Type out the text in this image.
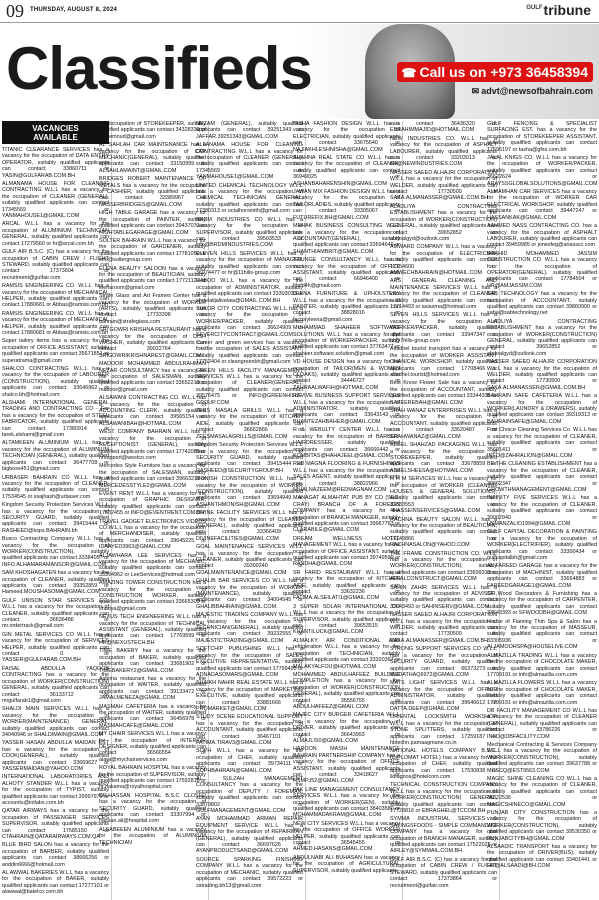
09 THURSDAY, AUGUST 8, 2024	$^{GULF}$tribune
Classifieds	☎ Call us on +973 36458394
✉ advt@newsofbahrain.com
VACANCIES
AVAILABLE

TITANIC CLEARANCE SERVICES has a vacancy for the occupation of DATA ENTRY OPERATOR, suitably qualified applicants can contact 33860711 or YASIN@GULFARAB.COM.BH

ALMANAMA HOUSE FOR CLEANING CONTRACTING W.L.L has a vacancy for the occupation of CLEANER (GENERAL), suitably qualified applicants can contact 17345569 or YANMAHOUSE1@GMAIL.COM

ARCAL W.L.L has a vacancy for the occupation of ALUMINIUM TECHNICIAN GENERAL, suitably qualified applicants can contact 17279560 or hr@arcal.com.bh

GULF AIR B.S.C. (C) has a vacancy for the occupation of CABIN CREW / FLIGHT STEWARD, suitably qualified applicants can contact 17373604 or recruitment@gulfair.com

RAMSIS ENGINEERING CO. W.L.L has a vacancy for the occupation of MECHANICAL HELPER, suitably qualified applicants can contact 17880681 or Abbas@ramsis.com.bh

RAMSIS ENGINEERING CO. W.L.L has a vacancy for the occupation of MECHANICAL HELPER, suitably qualified applicants can contact 17880681 or Abbas@ramsis.com.bh

Super tailory items has a vacancy for the occupation of OFFICE ASSISTANT, suitably qualified applicants can contact 35671851 or superatrama@gmail.com

SHALCO CONTRACTING W.L.L has a vacancy for the occupation of LABOURER (CONSTRUCTION), suitably qualified applicants can contact 33646962 or shalco.bh@hotmail.com

ALSHAMI INTERNATIONAL GENERAL TRADING AND CONTRACTING CO - For has a vacancy for the occupation of STEEL FABRICATOR, suitably qualified applicants can contact 17380914 or tarek.alshami@gmail.com

ALTAMKEEN ALUMINIUM W.L.L has a vacancy for the occupation of ALUMINIUM TECHNICIAN (GENERAL), suitably qualified applicants can contact 36477708 or bigboss451@gmail.com

URBASER BAHRAIN CO W.L.L has a vacancy for the occupation of CLEANER, suitably qualified applicants can contact 17534545 or ssajhash@urbaser.com

Kingdom Security Protection Services W.L.L has a vacancy for the occupation of SECURITY GUARD, suitably qualified applicants can contact 39415444 or RASHEED@ksps.BAHRAIN.bh

Busco Contracting Company W.L.L has a vacancy for the occupation of WORKER(CONSTRUCTION), suitably qualified applicants can contact 33384057 or INFO.ALHAMARAMANSOR@GMAIL.COM

SAM KHOSHAGATEN has a vacancy for the occupation of CLEANER, suitably qualified applicants can contact 39352859 or Hameed.MOUSHASOMA@GMAIL.COM

GULF UNISON STAR SERVICES CO. W.L.L has a vacancy for the occupation of CLEANER, suitably qualified applicants can contact 36636486 or mr.ordertrack@gmail.com

GIN METAL SERVICES CO W.L.L has a vacancy for the occupation of SERVICES HELPER, suitably qualified applicants can contact 0 or YASSER@GULFARAB.COM.BH

FAISAL ABDULLA YAQOOB CONTRACTING has a vacancy for the occupation of WORKER(CONSTRUCTION) GENERAL, suitably qualified applicants can contact 36133712 or mrgulfarab1@gmail.com

SHALDI MAIN SERVICES W.L.L has a vacancy for the occupation of WORKER(MAINTENANCE) GENERAL, suitably qualified applicants can contact 34040946 or SHALDIMAIN@GMAIL.COM

YASSER HASAN ABDULLA MAIDAN EST has a vacancy for the occupation of COOK(GENERAL), suitably qualified applicants can contact 33669627 or YASSERMAIDAN@YAHOO.COM

INTERNATIONAL LABORATORIES AND ALHOTY STANDER W.L.L has a vacancy for the occupation of TYPIST, suitably qualified applicants can contact 39997979 or accounts@intlabs.com.bh

QATAR AIRWAYS has a vacancy for the occupation of PASSENGER SERVICES SUPERVISOR, suitably qualified applicants can contact 17585150 or CTAHRAIN@QATARAIRWAYS.COM.QA

BLUE BIRD SALON has a vacancy for the occupation of BARBER, suitably qualified applicants can contact 38666256 or aoddin6666@hotmail.com

AL AWWAL BAKERIES W.L.L has a vacancy for the occupation of BAKER, suitably qualified applicants can contact 17277101 or alawwal@batelco.com.bh

the occupation of STOREKEEPER, suitably qualified applicants can contact 34328330 or faithemoud@gmail.com

AL SAHLAH CAR MAINTENANCE has a vacancy for the occupation of CAR MECHANIC(GENERAL), suitably qualified applicants can contact 33150999 or ALSAHLAMAINT@GMAIL.COM

BRIDGES ROBERT MAINTENANCE OF METALS has a vacancy for the occupation of CASHIER, suitably qualified applicants can contact 33389967 or NASSERBRIDGES@GMAIL.COM

HIGH TABLE GARAGE has a vacancy for the occupation of PAINTER, suitably qualified applicants can contact 39437071 or HIGHTABLEGARAGE@GMAIL.COM

SOLTER BAHRAIN W.L.L has a vacancy for the occupation of GARDENER, suitably qualified applicants can contact 17781050 or info@soltergroup.com

ELENA BEAUTY SALOON has a vacancy for the occupation of BEAUTICIAN, suitably qualified applicants can contact 17721121 or elenaroom@gmail.com

Strafe Glass and Art Frames Center has a vacancy for the occupation of WORKER (ARTS), suitably qualified applicants can contact 17733398 or bahrain@strafeglass.com

SRI GOWRI KRISHNA RESTAURANT has a vacancy for the occupation of DISH WASHER, suitably qualified applicants can contact 39022764 or SRIGOWRIKRISHNAREST@GMAIL.COM

MADOOR MOHAMMED ABDULRAHMAN NEZAR CONSULTANCY has a vacancy for the occupation of SALESMAN, suitably qualified applicants can contact 33652219 or madoor@gmail.com

ALSAWANI CONTRACTING CO. W.L.L has a vacancy for the occupation of ACCOUNTING CLERK, suitably qualified applicants can contact 39565154 or ALSAWANIBAH@HOTMAIL.COM

WEST COMPANY BAHRAIN W.L.L has a vacancy for the occupation of RECEPTIONIST (GENERAL), suitably qualified applicants can contact 17742080 or hrsupport@westco.com

Mercedes Style Furniture has a vacancy for the occupation of SALESMAN, suitably qualified applicants can contact 39663211 or MERCEDESSTYLE2@GMAIL.COM

EVENT RENT W.L.L has a vacancy for the occupation of GRAPHIC DESIGNER, suitably qualified applicants can contact 17532455 or INFO@EVENTRENT.COM.BH

TRAVEL GADGET ELECTRONICS VIDEOS CO.W.L.L has a vacancy for the occupation of MERCHANDISER, suitably qualified applicants can contact 39645225 or IDAAYED3963@GMAIL.COM

ALJAWHARA LEE SERVICES has a vacancy for the occupation of MECHANIC, suitably qualified applicants can contact 33394962 or LeeServices@hotmail.com

AMAZING TOWER CONSTRUCTION has a vacancy for the occupation of CONSTRUCTION WORKER, suitably qualified applicants can contact 33665300 or shadya@gmail.com

NEXUS TECH ENGINEERING W.L.L has a vacancy for the occupation of TECHNICAL ASSISTANT (GENERAL), suitably qualified applicants can contact 17769599 or HR@NEXUSTECH.BH

TIME BAKERY has a vacancy for the occupation of BAKER, suitably qualified applicants can contact 33681902 or TIMEBAKERY2@GMAIL.COM

Ashima restaurant has a vacancy for the occupation of WAITER, suitably qualified applicants can contact 39133472 or JAMALMENEZA@GMAIL.COM

MASMAH CAFETERIA has a vacancy for the occupation of WAITER, suitably qualified applicants can contact 36456978 or MASMAHCAFE@GMAIL.COM

MY CHAIR SERVICES W.L.L has a vacancy for the occupation of INTERIOR DESIGNER, suitably qualified applicants can contact 36566554 or alawi@mychairservices.com

ROYAL BAHRAIN HOSPITAL has a vacancy for the occupation of SUPERVISOR, suitably qualified applicants can contact 17592818 or hr.nakama@royalhospital.com

DR.HASSAN HOSPITAL B.S.C CLOSED has a vacancy for the occupation of SECURITY GUARD, suitably qualified applicants can contact 33307994 or hassan.ali@hospital.com

ALSABEEEN ALUMINIUM has a vacancy for the occupation of ALUMINIUM TECHNICIAN

NEZAM (GENERAL), suitably qualified applicants can contact 39251343 or JAFFAR.39251343@GMAIL.COM

ALFANAMA HOUSE FOR CLEANING CONTRACTING W.L.L has a vacancy for the occupation of CLEANER (GENERAL), suitably qualified applicants can contact 17345569 or YANMAHOUSE1@GMAIL.COM

UNITED CHEMICAL TECHNOLOGY W.L.L has a vacancy for the occupation of CHEMICAL TECHNICIAN GENERAL, suitably qualified applicants can contact 17380313 or uctalhorsmith@gmail.com

BRDM INDUSTRIES CO W.L.L has a vacancy for the occupation of SUPERVISOR, suitably qualified applicants can contact 39503533 or info@BRDMINDUSTRIES.COM

ELEVEN HILLS SERVICES W.L.L has a vacancy for the occupation of MANAGER, suitably qualified applicants can contact 36974477 or hr@11hills-group.com

HABOO W.L.L has a vacancy for the occupation of ADMINISTRATOR, suitably qualified applicants can contact 33303033 or ahdelalijalivelaw@GMAIL.COM.BH

SUKOR CITY CONTRACTING W.L.L has a vacancy for the occupation of WORKER/PACKER, suitably qualified applicants can contact 36624909 or SEVERCITYCONTRACT@GMAIL.COM

Career and green services has a vacancy for the occupation of SALES ASSISTANT, suitably qualified applicants can contact 17752404 or cleangreenbh@gmail.com

GREEN HILLS FACILITY MANAGEMENT SERVICES W.L.L has a vacancy for the occupation of CLEANER(GENERAL), suitably qualified applicants can contact 39576475 or INFO@GREENHILLS-GROUP.COM

ZEES MASALA GRILLS W.L.L has a vacancy for the occupation of KITCHEN AIDE, suitably qualified applicants can contact 36662866 or ZEESMASALAGRILLS@GMAIL.COM

Kingdom Security Protection Services W.L.L has a vacancy for the occupation of SECURITY GUARD, suitably qualified applicants can contact 39415444 or RASHEED@SECURITYGROUP.BH

MONISH CONSTRUCTION W.L.L has a vacancy for the occupation of WORKER (CONSTRUCTION), suitably qualified applicants can contact 33694949 or ASHANTHMONISH@GMAIL.COM

DIVINE FACILITY SERVICES W.L.L has a vacancy for the occupation of CLEANER (GENERAL), suitably qualified applicants can contact 33366409 or DIVINEFACILITIES@GMAIL.COM

GOAL MAINTENANCE SERVICES W.L.L has a vacancy for the occupation of CLEANER, suitably qualified applicants can contact 39300240 or GOALMAINTENANCE@GMAIL.COM

GHALIB BAR SERVICES CO W.L.L has a vacancy for the occupation of WORKER (MAINTENANCE), suitably qualified applicants can contact 34004545 or GHALIBBAHRAIN@GMAIL.COM

MAJESTIC TRADING COMPANY W.L.L has a vacancy for the occupation of TECHNICIAN(GENERAL), suitably qualified applicants can contact 39232555 or MAJESTICTRADING@GMAIL.COM

SOFTCHIP PUBLISHING W.L.L has a vacancy for the occupation of SALES EXECUTIVE REPRESENTATIVE, suitably qualified applicants can contact 17799495 or ADNADASOMARS@GMAIL.COM

SHAIKH NAHIR REAL ESTATE W.L.L has a vacancy for the occupation of MARKETING EXECUTIVE, suitably qualified applicants can contact 33881666 or PROMARKET@GMAIL.COM

STUDY SCENE EDUCATIONAL SUPPORT has a vacancy for the occupation of ACCOUNTANT, suitably qualified applicants can contact 36467101 or FATIMA.TIRAV3@GMAIL.COM

SOPH W.L.L has a vacancy for the occupation of CHEF, suitably qualified applicants can contact 39734111 or SOPHBAHRAIN@GMAIL.COM

AL SULZAH MANAGEMENT CONSULTANCY has a vacancy for the occupation of DEPUTY / FOREMAN, suitably qualified applicants can contact 33879802 or GULFMANAGEMENT@GMAIL.COM

AYAN MOHAMMAD ARMAN REPAIR EQUIPMENT SERVICE W.L.L has a vacancy for the occupation of REPAIRMAN (GENERAL), suitably qualified applicants can contact 36697626 or AYANPRODUCTSAND@GMAIL.COM

SOURCE SPARKING FINISHING COMPANY W.L.L has a vacancy for the occupation of MECHANIC, suitably qualified applicants can contact 39572223 or sstrading.bh13@gmail.com

NISHA FASHION DESIGN W.L.L has a vacancy for the occupation of ELECTRICIAN, suitably qualified applicants can contact 33675640 or NAJIAKHLESHNISHA@GMAIL.COM

SHAHNA REAL STATE CO W.L.L has a vacancy for the occupation of CLEANER, suitably qualified applicants can contact 36949025 or ASHANBAHARENSHIN@GMAIL.COM

JAWAN MIX FASHION DESIGN W.L.L has a vacancy for the occupation of TAILORLADIES, suitably qualified applicants can contact 33305067 or FUTUREFIX.BH@GMAIL.COM

MEHAK BUSINESS CONSULTING W.L.L has a vacancy for the occupation of ACCOUNTANT(GENERAL), suitably qualified applicants can contact 33694640 or SHANTHIAMBRIT@GMAIL.COM

YOUNGE CONSULTANCY W.L.L has a vacancy for the occupation of OFFICE ASSISTANT, suitably qualified applicants can contact 66946400 or fdsfd4h@gmail.com

LEENA FURNITURE & UPHOLSTERY W.L.L has a vacancy for the occupation of PAINTER, suitably qualified applicants can contact 38828016 or factoryleena@gmail.com

MUHAMMAD SHAHEER SOFTWARE SOLUTIONS W.L.L has a vacancy for the occupation of WORKER/PACKER, suitably qualified applicants can contact 37763477 or shaheer.software.solution@gmail.com

VD HOUSE DESIGN has a vacancy for the occupation of TAILOR(MEN & WOMEN CLOAKS), suitably qualified applicants can contact 34446727 or ZAHRAALWAFIH@HOTMAIL.COM

REVIVE BUSINESS SUPPORT SERVICES W.L.L has a vacancy for the occupation of ADMINISTRATOR, suitably qualified applicants can contact 33643143 or BHANTEZAHBAHER@GMAIL.COM

R & WEBULTY CENTER W.L.L has a vacancy for the occupation of BARBER-HAIRDRESSER, suitably qualified applicants can contact 36666442 or KOMBITAS@HAHAJEEL@GMAIL.COM

RED MAGNA FLOORING & FURNISHINGS W.L.L has a vacancy for the occupation of SALES AGENT, suitably qualified applicants can contact 38822966 or NIHALNAZEEM@REDMAGNAM.COM

MANAGAT ALMAHTAT PUB BY CO (SEC-CRAY) BRANCH OF A FOREIGN COMPANY has a vacancy for the occupation of BRANCH MANAGER, suitably qualified applicants can contact 39967763 or CLARABILE@GMAIL.COM

DREAM WELLNESS HOTEL MANAGEMENT W.L.L has a vacancy for the occupation of OFFICE ASSISTANT, suitably qualified applicants can contact 39749599 or RANDHA@GMAIL.COM

SR FARID RESTAURANT W.L.L has a vacancy for the occupation of KITCHEN AIDE, suitably qualified applicants can contact 33632236 or FATIMA.ALSEILATI1@GMAIL.COM

3 SUPER SOLAR INTERNATIONAL CO W.L.L has a vacancy for the occupation of SUPERVISOR, suitably qualified applicants can contact 39653515 or KHANTILUCK@GMAIL.COM

ALMALKY AIR CONDITIONAL AND refrigeration W.L.L has a vacancy for the occupation of TECHNICIAN, suitably qualified applicants can contact 33320367 or MALAKYALFOU@HOTMAIL.COM

MOHAMMED ABDULHAFEEZ BUILDING COMPLETION has a vacancy for the occupation of WORKER(CONSTRUCTION GENERAL), suitably qualified applicants can contact 35556755 or ABDULHAFEEZ@GMAIL.COM

MAJEC CITY BURGER CAFETERIA W.L.L has a vacancy for the occupation of DRIVER, suitably qualified applicants can contact 36643993 or ALMAJLIS0@GMAIL.COM

HAROON MASIH MAINTENANCE BAHRAIN PARTNERSHIP COMPANY has a vacancy for the occupation of OFFICE ASSISTANT, suitably qualified applicants can contact 33418627 or HSMPJ52@GMAIL.COM

PAK LINE MANAGEMENT CONSULTANCY SERVICES W.L.L has a vacancy for the occupation of WORKER(GEN), suitably qualified applicants can contact 38403580 or MOHAMMADAKRAM@GMAIL.COM

NEW CITY SERVICES W.L.L has a vacancy for the occupation of OFFICE WORKER HELPER, suitably qualified applicants can contact 36545455 or AHMED.HASANS@GMAIL.COM

ABDULNABI ALI BUHASAN has a vacancy for the occupation of AGRICULTURAL SUPERVISOR, suitably qualified applicants

can contact 36436320 or EBRAHIMMAJID@HOTMAIL.COM

NEW INDUSTRIES CO. W.L.L has a vacancy for the occupation of ASPHALT LABOURER, suitably qualified applicants can contact 33203013 or cfo@NEWINDUSTRIES.COM

NASSER SAEED ALHAJRI CORPORATION W.L.L has a vacancy for the occupation of WELDER, suitably qualified applicants can contact 17730500 or SAKA.ALMANASSER@GMAIL.COM.BH

ALADLIYA CONTRACTING ESTABLISHMENT has a vacancy for the occupation of WORKER(CONSTRUCTION) GENERAL, suitably qualified applicants can contact 39652852 or abdoalgyd@outlook.com

AMWARD COMPANY W.L.L has a vacancy for the occupation of ELECTRICIAN, suitably qualified applicants can contact 17754600 or AMWECHBAHRAIN@HOTMAIL.COM

ARS GENERAL CLEANING AND MAINTENANCE SERVICES W.L.L has a vacancy for the occupation of CLEANER, suitably qualified applicants can contact 17714493 or asiasma@hotmail.com

SEVEN HILLS SERVICES W.L.L has a vacancy for the occupation of WORKER/PACKER, suitably qualified applicants can contact 33947347 or hr@7hills-group.com

Alfadhel tourist transport has a vacancy for the occupation of WORKER ASSISTANT CHANICAL WORKSHOP, suitably qualified applicants can contact 17708466 or alfadhel.tourist@hotmail.com

Best Know Flower Sale has a vacancy for the occupation of ACCOUNTANT, suitably qualified applicants can contact 33344336 or SAFEEREBAH@GMAIL.COM

SHAH WANAZ ENTERPRISES W.L.L has a vacancy for the occupation of ACCOUNTANT, suitably qualified applicants can contact 33620487 or SHAHWANAZ@GMAIL.COM

ABEEL SHAHZAD PACKAGING W.L.L has a vacancy for the occupation of STOREKEEPER, suitably qualified applicants can contact 33678859 or ABEELSHEESA@HOTMAIL.COM

H H M SERVICES W.L.L has a vacancy for the occupation of WORKER (CLEANING HOUSES & GENERAL SOLUTIONS), suitably qualified applicants can contact 33333553 or 4HASSEINSERVICES@GMAIL.COM

RACHNA BEAUTY SALON W.L.L has a vacancy for the occupation of BEAUTICIAN, suitably qualified applicants can contact 17749866 or RACHNASALON@YAHOO.COM

THE FRAME CONSTRUCTION CO. W.L.L has a vacancy for the occupation of WORKER(CONSTRUCTION), suitably qualified applicants can contact 33699333 or AFFALCONSTRUCT@GMAIL.COM

SAHIN ZAHIR SERVICES W.L.L has a vacancy for the occupation of ADVISOR, suitably qualified applicants can contact 33643493 or SAHINSERV@GMAIL.COM

NASSER SAEED ALHAJRI CORPORATION W.L.L has a vacancy for the occupation of WELDER, suitably qualified applicants can contact 17730500 or SAKA.ALMANASSER@GMAIL.COM.BH

STRONG SUPPORT SERVICES CO W.L.L has a vacancy for the occupation of SECURITY GUARD, suitably qualified applicants can contact 66373273 or MUDATHAQ6972@GMAIL.COM

MATS LIGHT SERVICES W.L.L has a vacancy for the occupation of OFFICE ADMINISTRATOR, suitably qualified applicants can contact 39646612 or DATTA.DEEP@GMAIL.COM

ORIENTAL LOCKSMITH WORKSHOP W.L.L has a vacancy for the occupation of STONE SPLITTERS, suitably qualified applicants can contact 17259187 or hbtechn.pamaagmane.co.in

NATIONAL HOTELS COMPANY B.S.C. (DIPLOMAT HOTEL) has a vacancy for the occupation of CHEF, suitably qualified applicants can contact 17530838 or ildiagnos@hotelcom.com

TECHNICAL CONSTRUCTION COMPANY W.L.L has a vacancy for the occupation of WORKER(CONSTRUCTION) GENERAL, suitably qualified applicants can contact 17728816 or EBRAGHEL@TCCOM.BH

SYMMA INDUSTRIAL SERVICES & SAVINGSFOODS - SIMPLE COMMANDITE COMPANY has a vacancy for the occupation of BRANCH MANAGER, suitably qualified applicants can contact 17522025 or AIRLEY@SYMMAIL.COM.BH

GULF AIR B.S.C. (C) has a vacancy for the occupation of CABIN CREW / FLIGHT STEWARD, suitably qualified applicants can contact 17373864 or recruitment@gulfair.com

GULF FENCING & SPECIALIST SURFACING EST. has a vacancy for the occupation of STOREKEEPER ASSISTANT, suitably qualified applicants can contact 17596197 or tasha@gfss.com.bh

JALAL KNIGS CO. W.L.L has a vacancy for the occupation of WORKER/PACKER, suitably qualified applicants can contact 36622624 or ARAYSSGLOBALSOLUTIONS@GMAIL.COM

ALMAMHAN CAR SERVICES has a vacancy for the occupation of WORKER CAR ELECTRICAL WORKSHOP, suitably qualified applicants can contact 39447247 or HASSANKAK@GMAIL.COM

AAHMED NASS CONTRACTING CO. has a vacancy for the occupation of ASPHALT LABOURER, suitably qualified applicants can contact 39459985 or jonesfeg@anasscc.com

SHAHID MOHAMMED JASSIM CONSTRUCTION CO. W.L.L has a vacancy for the occupation of OPERATOR(GENERAL), suitably qualified applicants can contact 17784504 or HR@AMJASSIM.COM

SAB TECHNOLOGY has a vacancy for the occupation of ACCOUNTANT, suitably qualified applicants can contact 39860900 or saba@sabtechnology.net

ALADLIYA CONTRACTING ESTABLISHMENT has a vacancy for the occupation of WORKER(CONSTRUCTION) GENERAL, suitably qualified applicants can contact 39652852 or abdoalgyd@outlook.com

NASSER SAEED ALHAJRI CORPORATION W.L.L has a vacancy for the occupation of WELDER, suitably qualified applicants can contact 17730500 or SAKA.ALMANASSER@GMAIL.COM.BH

BAHRAIN SAFE CAFETERIA W.L.L has a vacancy for the occupation of WORKER(LAUNDRY & DRAWERS), suitably qualified applicants can contact 39319313 or BAHRAINSAFE@GMAIL.COM

First Choice Cleaning Services Co. W.L.L has a vacancy for the occupation of CLEANER, suitably qualified applicants can contact 35691411 or INFO@ZAHRALION@GMAIL.COM

BE THE CLEANING ESTABLISHMENT has a vacancy for the occupation of CLEANER, suitably qualified applicants can contact 39662347 or GROWTHMANAGEMENT@GMAIL.COM

INFINITY FIVE SERVICES W.L.L has a vacancy for the occupation of CLEANER, suitably qualified applicants can contact 39002940 or USMANZALIO1994@GMAIL.COM

GULF CAPITAL DECORATION & PAINTING has a vacancy for the occupation of WORKER(ELECTRIFIER), suitably qualified applicants can contact 33300434 or gulfcapitalbh@gmail.com

AL FAREED GARAGE has a vacancy for the occupation of MACHINIST, suitably qualified applicants can contact 33664883 or FAREEDGARAGE1@GMAIL.COM

SF Wood Decorators & Furnishing has a vacancy for the occupation of CARPENTER, suitably qualified applicants can contact 33643393 or SFWOODBH@GMAIL.COM

House of Flaming Thin Spa & Salon has a vacancy for the occupation of MASSEUR, suitably qualified applicants can contact 33305936 or ALJAMOOHSPA@HOUSELIVE.COM

ALMAZILLA TRADING W.L.L has a vacancy for the occupation of CHOCOLATE MAKER, suitably qualified applicants can contact 17799191 or info@almazilla.com.com

ALMAZILLA FLOWERS W.L.L has a vacancy for the occupation of CHOCOLATE MAKER, suitably qualified applicants can contact 17799191 or info@almazilla.com.com

DB FACILITY MANAGEMENT CO W.L.L has a vacancy for the occupation of CLEANER (GENERAL), suitably qualified applicants can contact 33786226 or INFO@DBFACILITY.COM

Mechanical Contracting & Services Company W.L.L has a vacancy for the occupation of WORKER(CONSTRUCTION), suitably qualified applicants can contact 39637788 or MCSCQ@EST9563.COM

MAGIC SHINE CLEANING CO W.L.L has a vacancy for the occupation of CLEANER, suitably qualified applicants can contact 35322536 or MAGICSHINECO@GMAIL.COM

PUNJAB CITY CONSTRUCTION has a vacancy for the occupation of WORKER(CONSTRUCTION), suitably qualified applicants can contact 39530350 or PUNJABCITYBH@GMAIL.COM

ALSAADIC TRANSPORT has a vacancy for the occupation of DRIVER(BUS), suitably qualified applicants can contact 33401441 or HR@ALSAADI@BH.COM
